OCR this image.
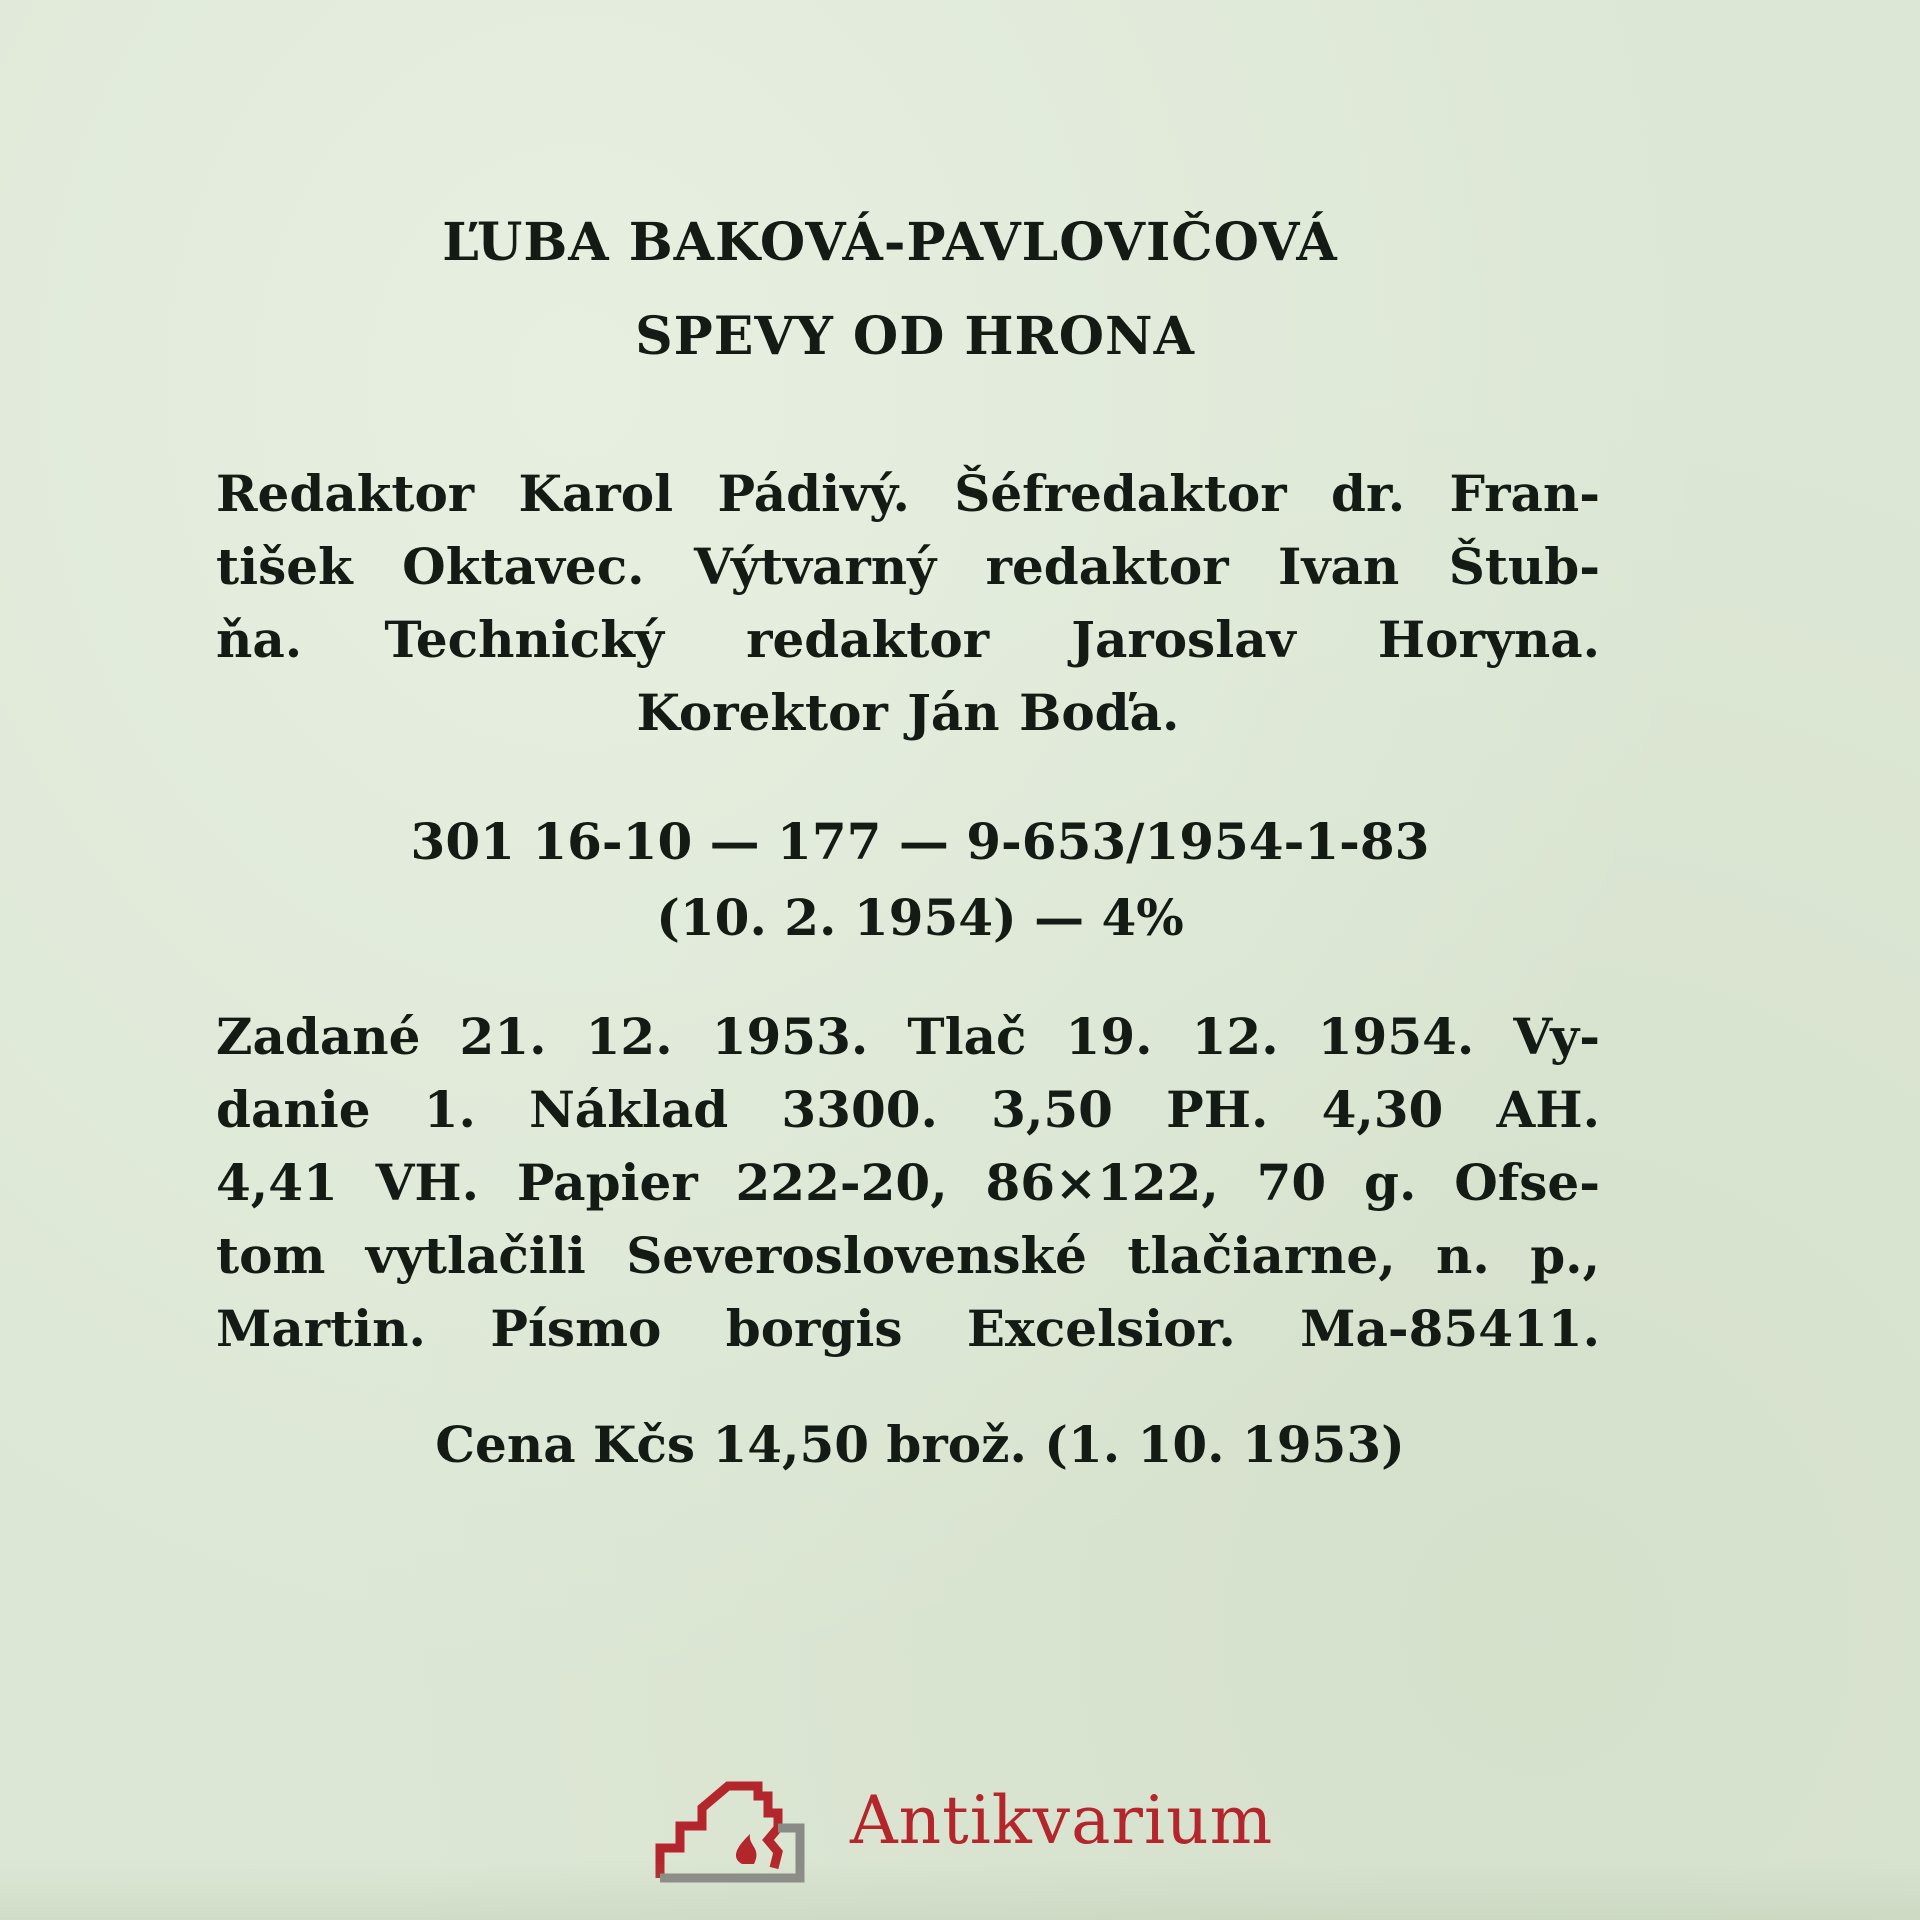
ĽUBA BAKOVÁ-PAVLOVIČOVÁ
SPEVY OD HRONA
Redaktor Karol Pádivý. Šéfredaktor dr. Fran-
tišek Oktavec. Výtvarný redaktor Ivan Štub-
ňa. Technický redaktor Jaroslav Horyna.
Korektor Ján Boďa.
301 16-10 — 177 — 9-653/1954-1-83
(10. 2. 1954) — 4%
Zadané 21. 12. 1953. Tlač 19. 12. 1954. Vy-
danie 1. Náklad 3300. 3,50 PH. 4,30 AH.
4,41 VH. Papier 222-20, 86×122, 70 g. Ofse-
tom vytlačili Severoslovenské tlačiarne, n. p.,
Martin. Písmo borgis Excelsior. Ma-85411.
Cena Kčs 14,50 brož. (1. 10. 1953)
Antikvarium
